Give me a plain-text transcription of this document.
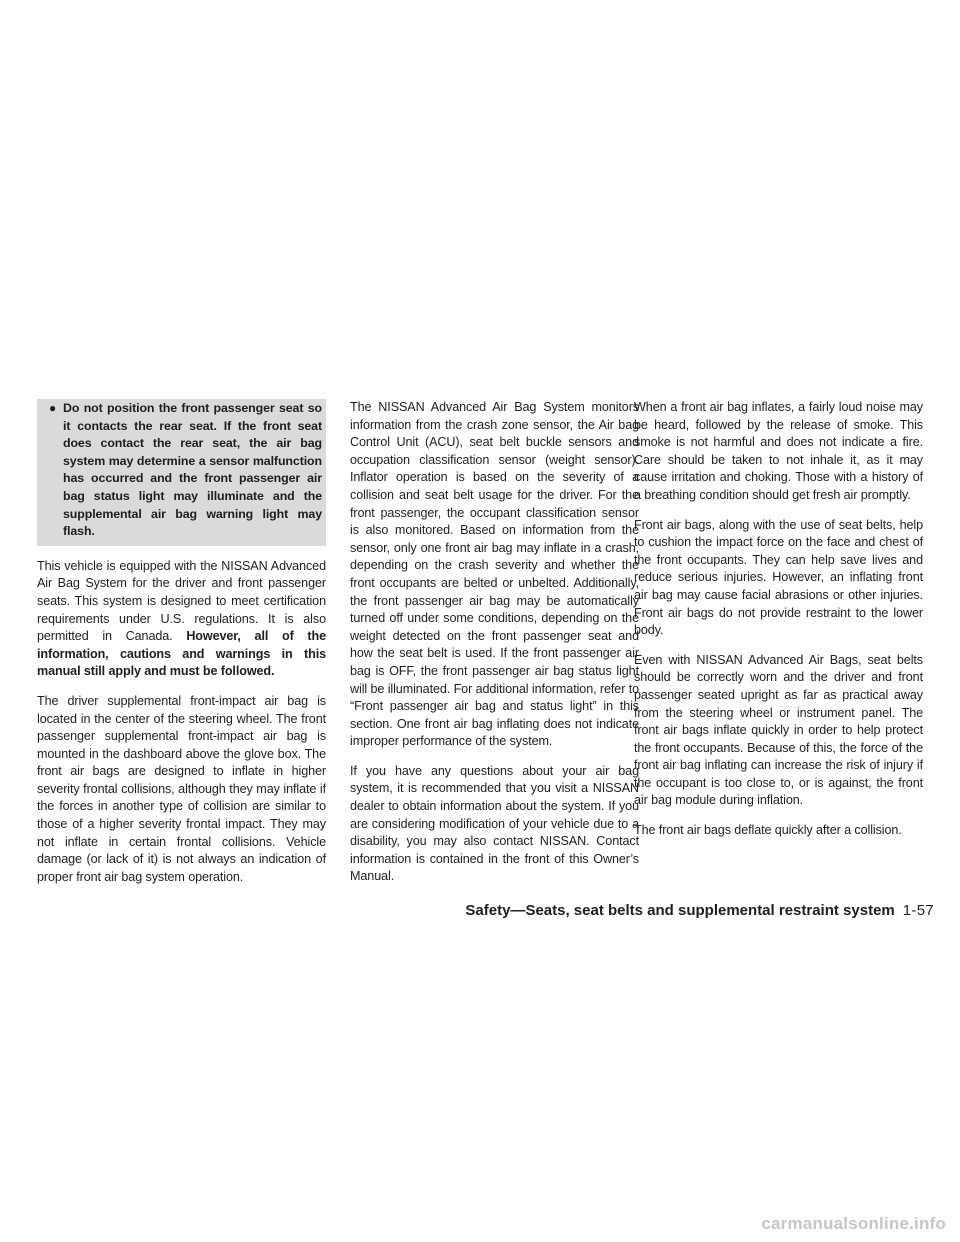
● Do not position the front passenger seat so it contacts the rear seat. If the front seat does contact the rear seat, the air bag system may determine a sensor malfunction has occurred and the front passenger air bag status light may illuminate and the supplemental air bag warning light may flash.

This vehicle is equipped with the NISSAN Advanced Air Bag System for the driver and front passenger seats. This system is designed to meet certification requirements under U.S. regulations. It is also permitted in Canada. However, all of the information, cautions and warnings in this manual still apply and must be followed.

The driver supplemental front-impact air bag is located in the center of the steering wheel. The front passenger supplemental front-impact air bag is mounted in the dashboard above the glove box. The front air bags are designed to inflate in higher severity frontal collisions, although they may inflate if the forces in another type of collision are similar to those of a higher severity frontal impact. They may not inflate in certain frontal collisions. Vehicle damage (or lack of it) is not always an indication of proper front air bag system operation.

The NISSAN Advanced Air Bag System monitors information from the crash zone sensor, the Air bag Control Unit (ACU), seat belt buckle sensors and occupation classification sensor (weight sensor). Inflator operation is based on the severity of a collision and seat belt usage for the driver. For the front passenger, the occupant classification sensor is also monitored. Based on information from the sensor, only one front air bag may inflate in a crash, depending on the crash severity and whether the front occupants are belted or unbelted. Additionally, the front passenger air bag may be automatically turned off under some conditions, depending on the weight detected on the front passenger seat and how the seat belt is used. If the front passenger air bag is OFF, the front passenger air bag status light will be illuminated. For additional information, refer to “Front passenger air bag and status light” in this section. One front air bag inflating does not indicate improper performance of the system.

If you have any questions about your air bag system, it is recommended that you visit a NISSAN dealer to obtain information about the system. If you are considering modification of your vehicle due to a disability, you may also contact NISSAN. Contact information is contained in the front of this Owner’s Manual.

When a front air bag inflates, a fairly loud noise may be heard, followed by the release of smoke. This smoke is not harmful and does not indicate a fire. Care should be taken to not inhale it, as it may cause irritation and choking. Those with a history of a breathing condition should get fresh air promptly.

Front air bags, along with the use of seat belts, help to cushion the impact force on the face and chest of the front occupants. They can help save lives and reduce serious injuries. However, an inflating front air bag may cause facial abrasions or other injuries. Front air bags do not provide restraint to the lower body.

Even with NISSAN Advanced Air Bags, seat belts should be correctly worn and the driver and front passenger seated upright as far as practical away from the steering wheel or instrument panel. The front air bags inflate quickly in order to help protect the front occupants. Because of this, the force of the front air bag inflating can increase the risk of injury if the occupant is too close to, or is against, the front air bag module during inflation.

The front air bags deflate quickly after a collision.

Safety—Seats, seat belts and supplemental restraint system 1-57
carmanualsonline.info
